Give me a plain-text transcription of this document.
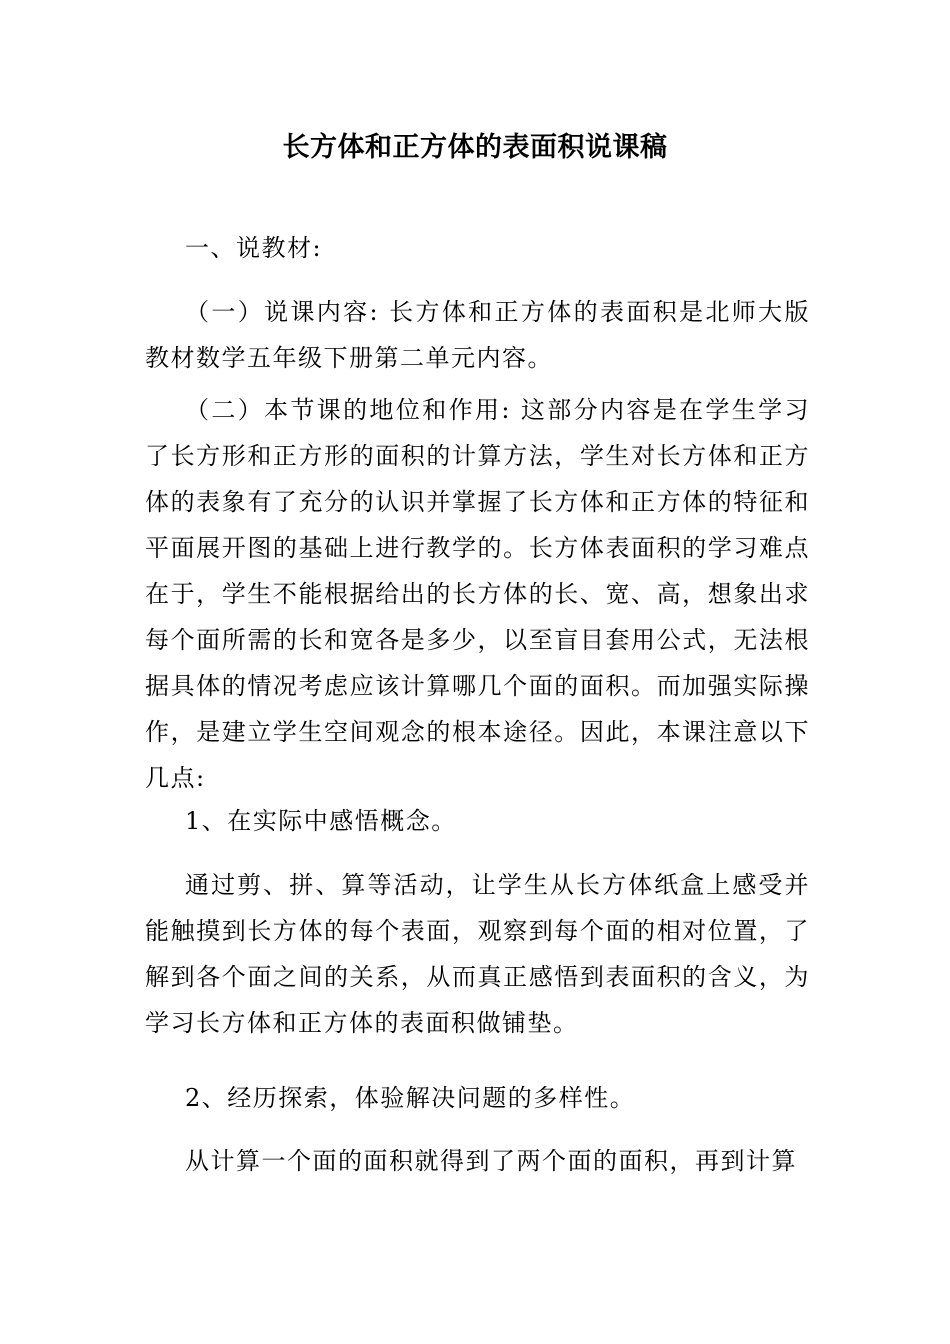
长方体和正方体的表面积说课稿

一、说教材:

（一）说课内容: 长方体和正方体的表面积是北师大版教材数学五年级下册第二单元内容。

（二）本节课的地位和作用: 这部分内容是在学生学习了长方形和正方形的面积的计算方法，学生对长方体和正方体的表象有了充分的认识并掌握了长方体和正方体的特征和平面展开图的基础上进行教学的。长方体表面积的学习难点在于，学生不能根据给出的长方体的长、宽、高，想象出求每个面所需的长和宽各是多少，以至盲目套用公式，无法根据具体的情况考虑应该计算哪几个面的面积。而加强实际操作，是建立学生空间观念的根本途径。因此，本课注意以下几点:

1、在实际中感悟概念。

通过剪、拼、算等活动，让学生从长方体纸盒上感受并能触摸到长方体的每个表面，观察到每个面的相对位置，了解到各个面之间的关系，从而真正感悟到表面积的含义，为学习长方体和正方体的表面积做铺垫。

2、经历探索，体验解决问题的多样性。

从计算一个面的面积就得到了两个面的面积，再到计算
